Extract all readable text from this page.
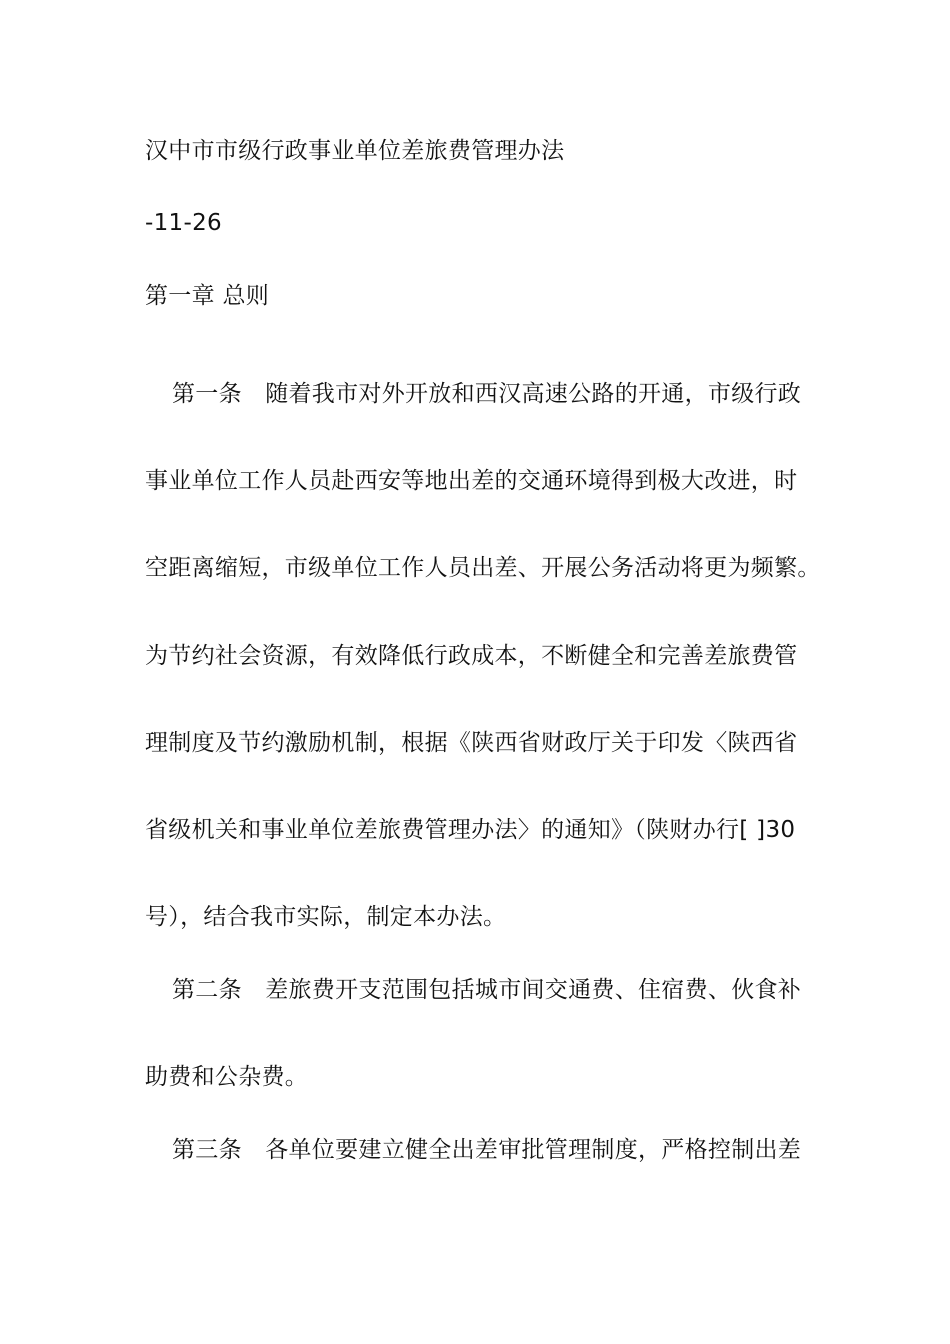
汉中市市级行政事业单位差旅费管理办法
-11-26
第一章 总则
第一条　随着我市对外开放和西汉高速公路的开通，市级行政
事业单位工作人员赴西安等地出差的交通环境得到极大改进，时
空距离缩短，市级单位工作人员出差、开展公务活动将更为频繁。
为节约社会资源，有效降低行政成本，不断健全和完善差旅费管
理制度及节约激励机制，根据《陕西省财政厅关于印发〈陕西省
省级机关和事业单位差旅费管理办法〉的通知》（陕财办行[ ]30
号），结合我市实际，制定本办法。
第二条　差旅费开支范围包括城市间交通费、住宿费、伙食补
助费和公杂费。
第三条　各单位要建立健全出差审批管理制度，严格控制出差
